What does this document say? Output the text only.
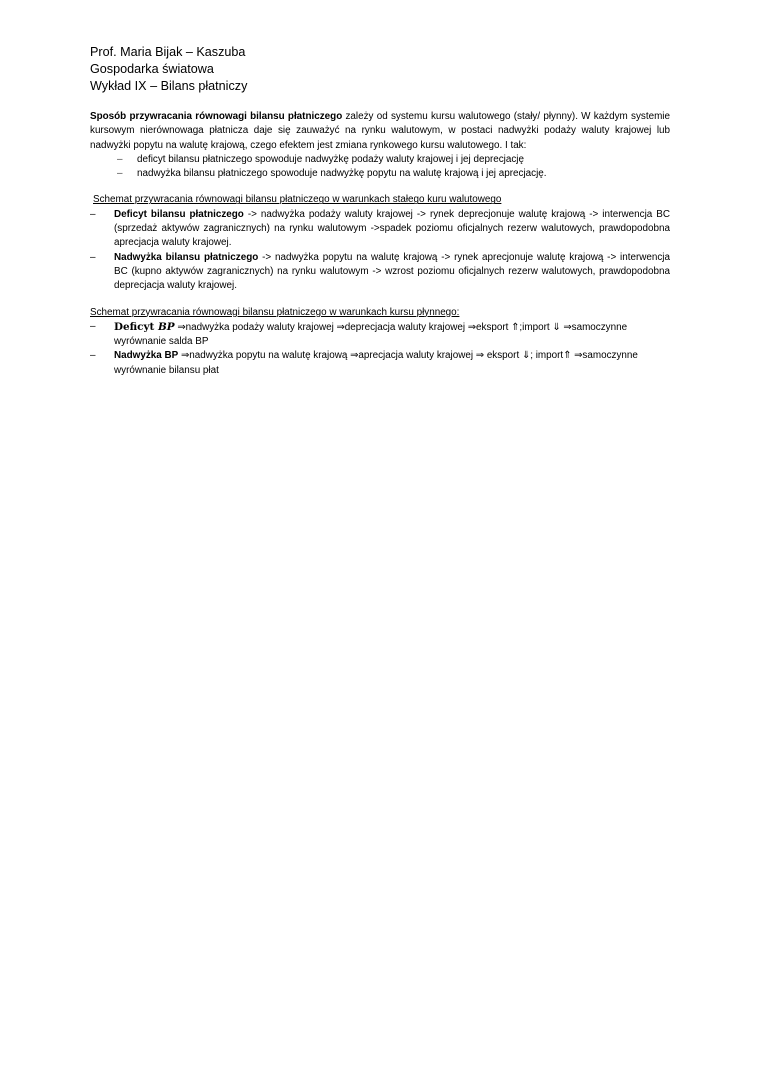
Prof. Maria Bijak – Kaszuba
Gospodarka światowa
Wykład IX – Bilans płatniczy

Sposób przywracania równowagi bilansu płatniczego zależy od systemu kursu walutowego (stały/ płynny). W każdym systemie kursowym nierównowaga płatnicza daje się zauważyć na rynku walutowym, w postaci nadwyżki podaży waluty krajowej lub nadwyżki popytu na walutę krajową, czego efektem jest zmiana rynkowego kursu walutowego. I tak:

– deficyt bilansu płatniczego spowoduje nadwyżkę podaży waluty krajowej i jej deprecjację
– nadwyżka bilansu płatniczego spowoduje nadwyżkę popytu na walutę krajową i jej aprecjację.

Schemat przywracania równowagi bilansu płatniczego w warunkach stałego kuru walutowego

– Deficyt bilansu płatniczego -> nadwyżka podaży waluty krajowej -> rynek deprecjonuje walutę krajową -> interwencja BC (sprzedaż aktywów zagranicznych) na rynku walutowym ->spadek poziomu oficjalnych rezerw walutowych, prawdopodobna aprecjacja waluty krajowej.
– Nadwyżka bilansu płatniczego -> nadwyżka popytu na walutę krajową -> rynek aprecjonuje walutę krajową -> interwencja BC (kupno aktywów zagranicznych) na rynku walutowym -> wzrost poziomu oficjalnych rezerw walutowych, prawdopodobna deprecjacja waluty krajowej.

Schemat przywracania równowagi bilansu płatniczego w warunkach kursu płynnego:

– Deficyt BP ⇒nadwyżka podaży waluty krajowej ⇒deprecjacja waluty krajowej ⇒eksport ⇑;import ⇓ ⇒samoczynne wyrównanie salda BP
– Nadwyżka BP ⇒nadwyżka popytu na walutę krajową ⇒aprecjacja waluty krajowej ⇒ eksport ⇓; import⇑ ⇒samoczynne wyrównanie bilansu płat
